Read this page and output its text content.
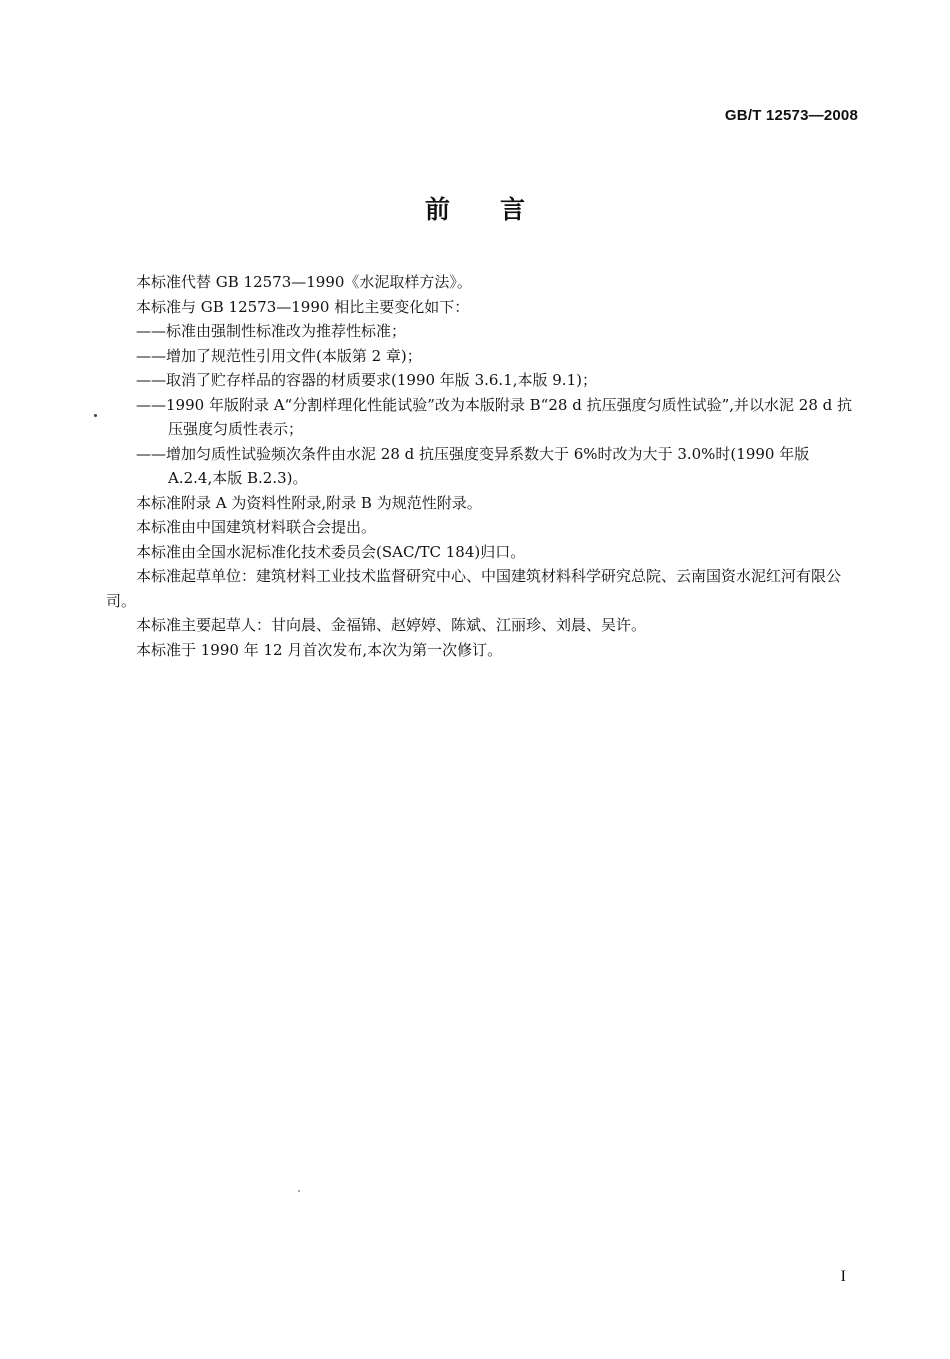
GB/T 12573—2008
前言

本标准代替 GB 12573—1990《水泥取样方法》。

本标准与 GB 12573—1990 相比主要变化如下：

——标准由强制性标准改为推荐性标准；

——增加了规范性引用文件(本版第 2 章)；

——取消了贮存样品的容器的材质要求(1990 年版 3.6.1,本版 9.1)；

——1990 年版附录 A“分割样理化性能试验”改为本版附录 B“28 d 抗压强度匀质性试验”,并以水泥 28 d 抗压强度匀质性表示；

——增加匀质性试验频次条件由水泥 28 d 抗压强度变异系数大于 6%时改为大于 3.0%时(1990 年版 A.2.4,本版 B.2.3)。

本标准附录 A 为资料性附录,附录 B 为规范性附录。

本标准由中国建筑材料联合会提出。

本标准由全国水泥标准化技术委员会(SAC/TC 184)归口。

本标准起草单位：建筑材料工业技术监督研究中心、中国建筑材料科学研究总院、云南国资水泥红河有限公司。

本标准主要起草人：甘向晨、金福锦、赵婷婷、陈斌、江丽珍、刘晨、吴许。

本标准于 1990 年 12 月首次发布,本次为第一次修订。

I
